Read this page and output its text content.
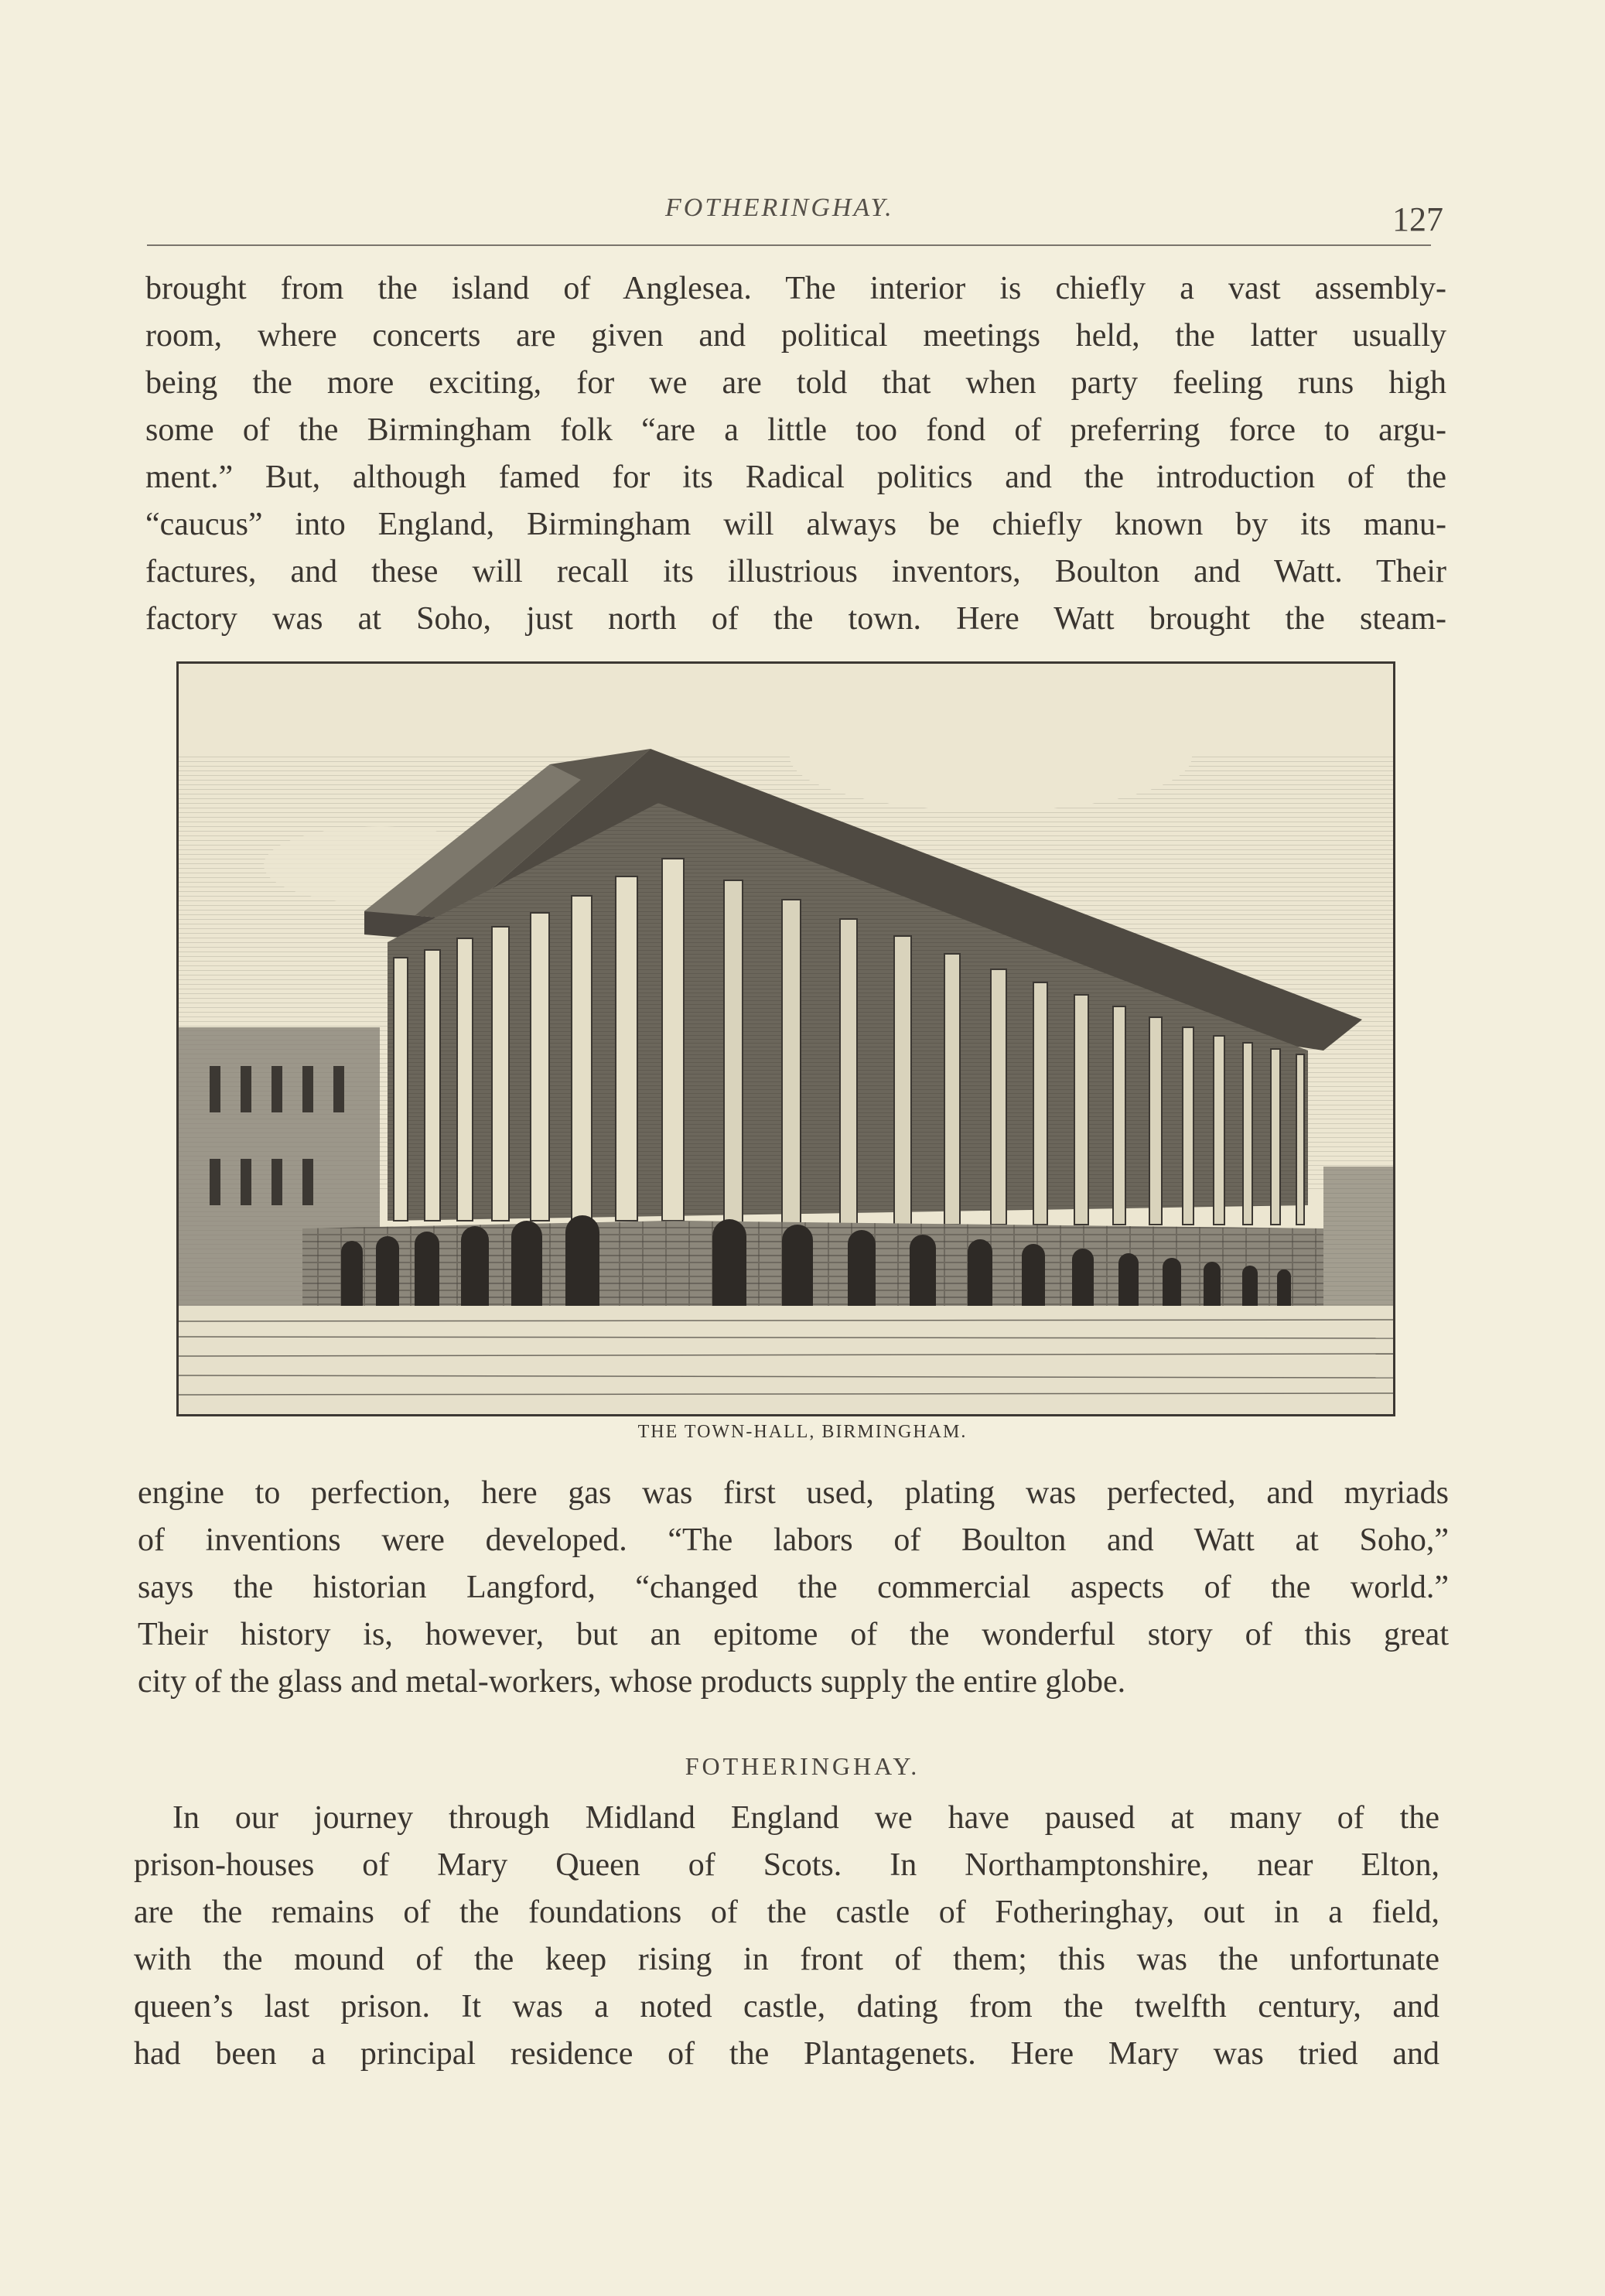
FOTHERINGHAY.	127
brought from the island of Anglesea. The interior is chiefly a vast assembly-
room, where concerts are given and political meetings held, the latter usually
being the more exciting, for we are told that when party feeling runs high
some of the Birmingham folk “are a little too fond of preferring force to argu-
ment.” But, although famed for its Radical politics and the introduction of the
“caucus” into England, Birmingham will always be chiefly known by its manu-
factures, and these will recall its illustrious inventors, Boulton and Watt. Their
factory was at Soho, just north of the town. Here Watt brought the steam-
THE TOWN-HALL, BIRMINGHAM.
engine to perfection, here gas was first used, plating was perfected, and myriads
of inventions were developed. “The labors of Boulton and Watt at Soho,”
says the historian Langford, “changed the commercial aspects of the world.”
Their history is, however, but an epitome of the wonderful story of this great
city of the glass and metal-workers, whose products supply the entire globe.
FOTHERINGHAY.
In our journey through Midland England we have paused at many of the
prison-houses of Mary Queen of Scots. In Northamptonshire, near Elton,
are the remains of the foundations of the castle of Fotheringhay, out in a field,
with the mound of the keep rising in front of them; this was the unfortunate
queen’s last prison. It was a noted castle, dating from the twelfth century, and
had been a principal residence of the Plantagenets. Here Mary was tried and
